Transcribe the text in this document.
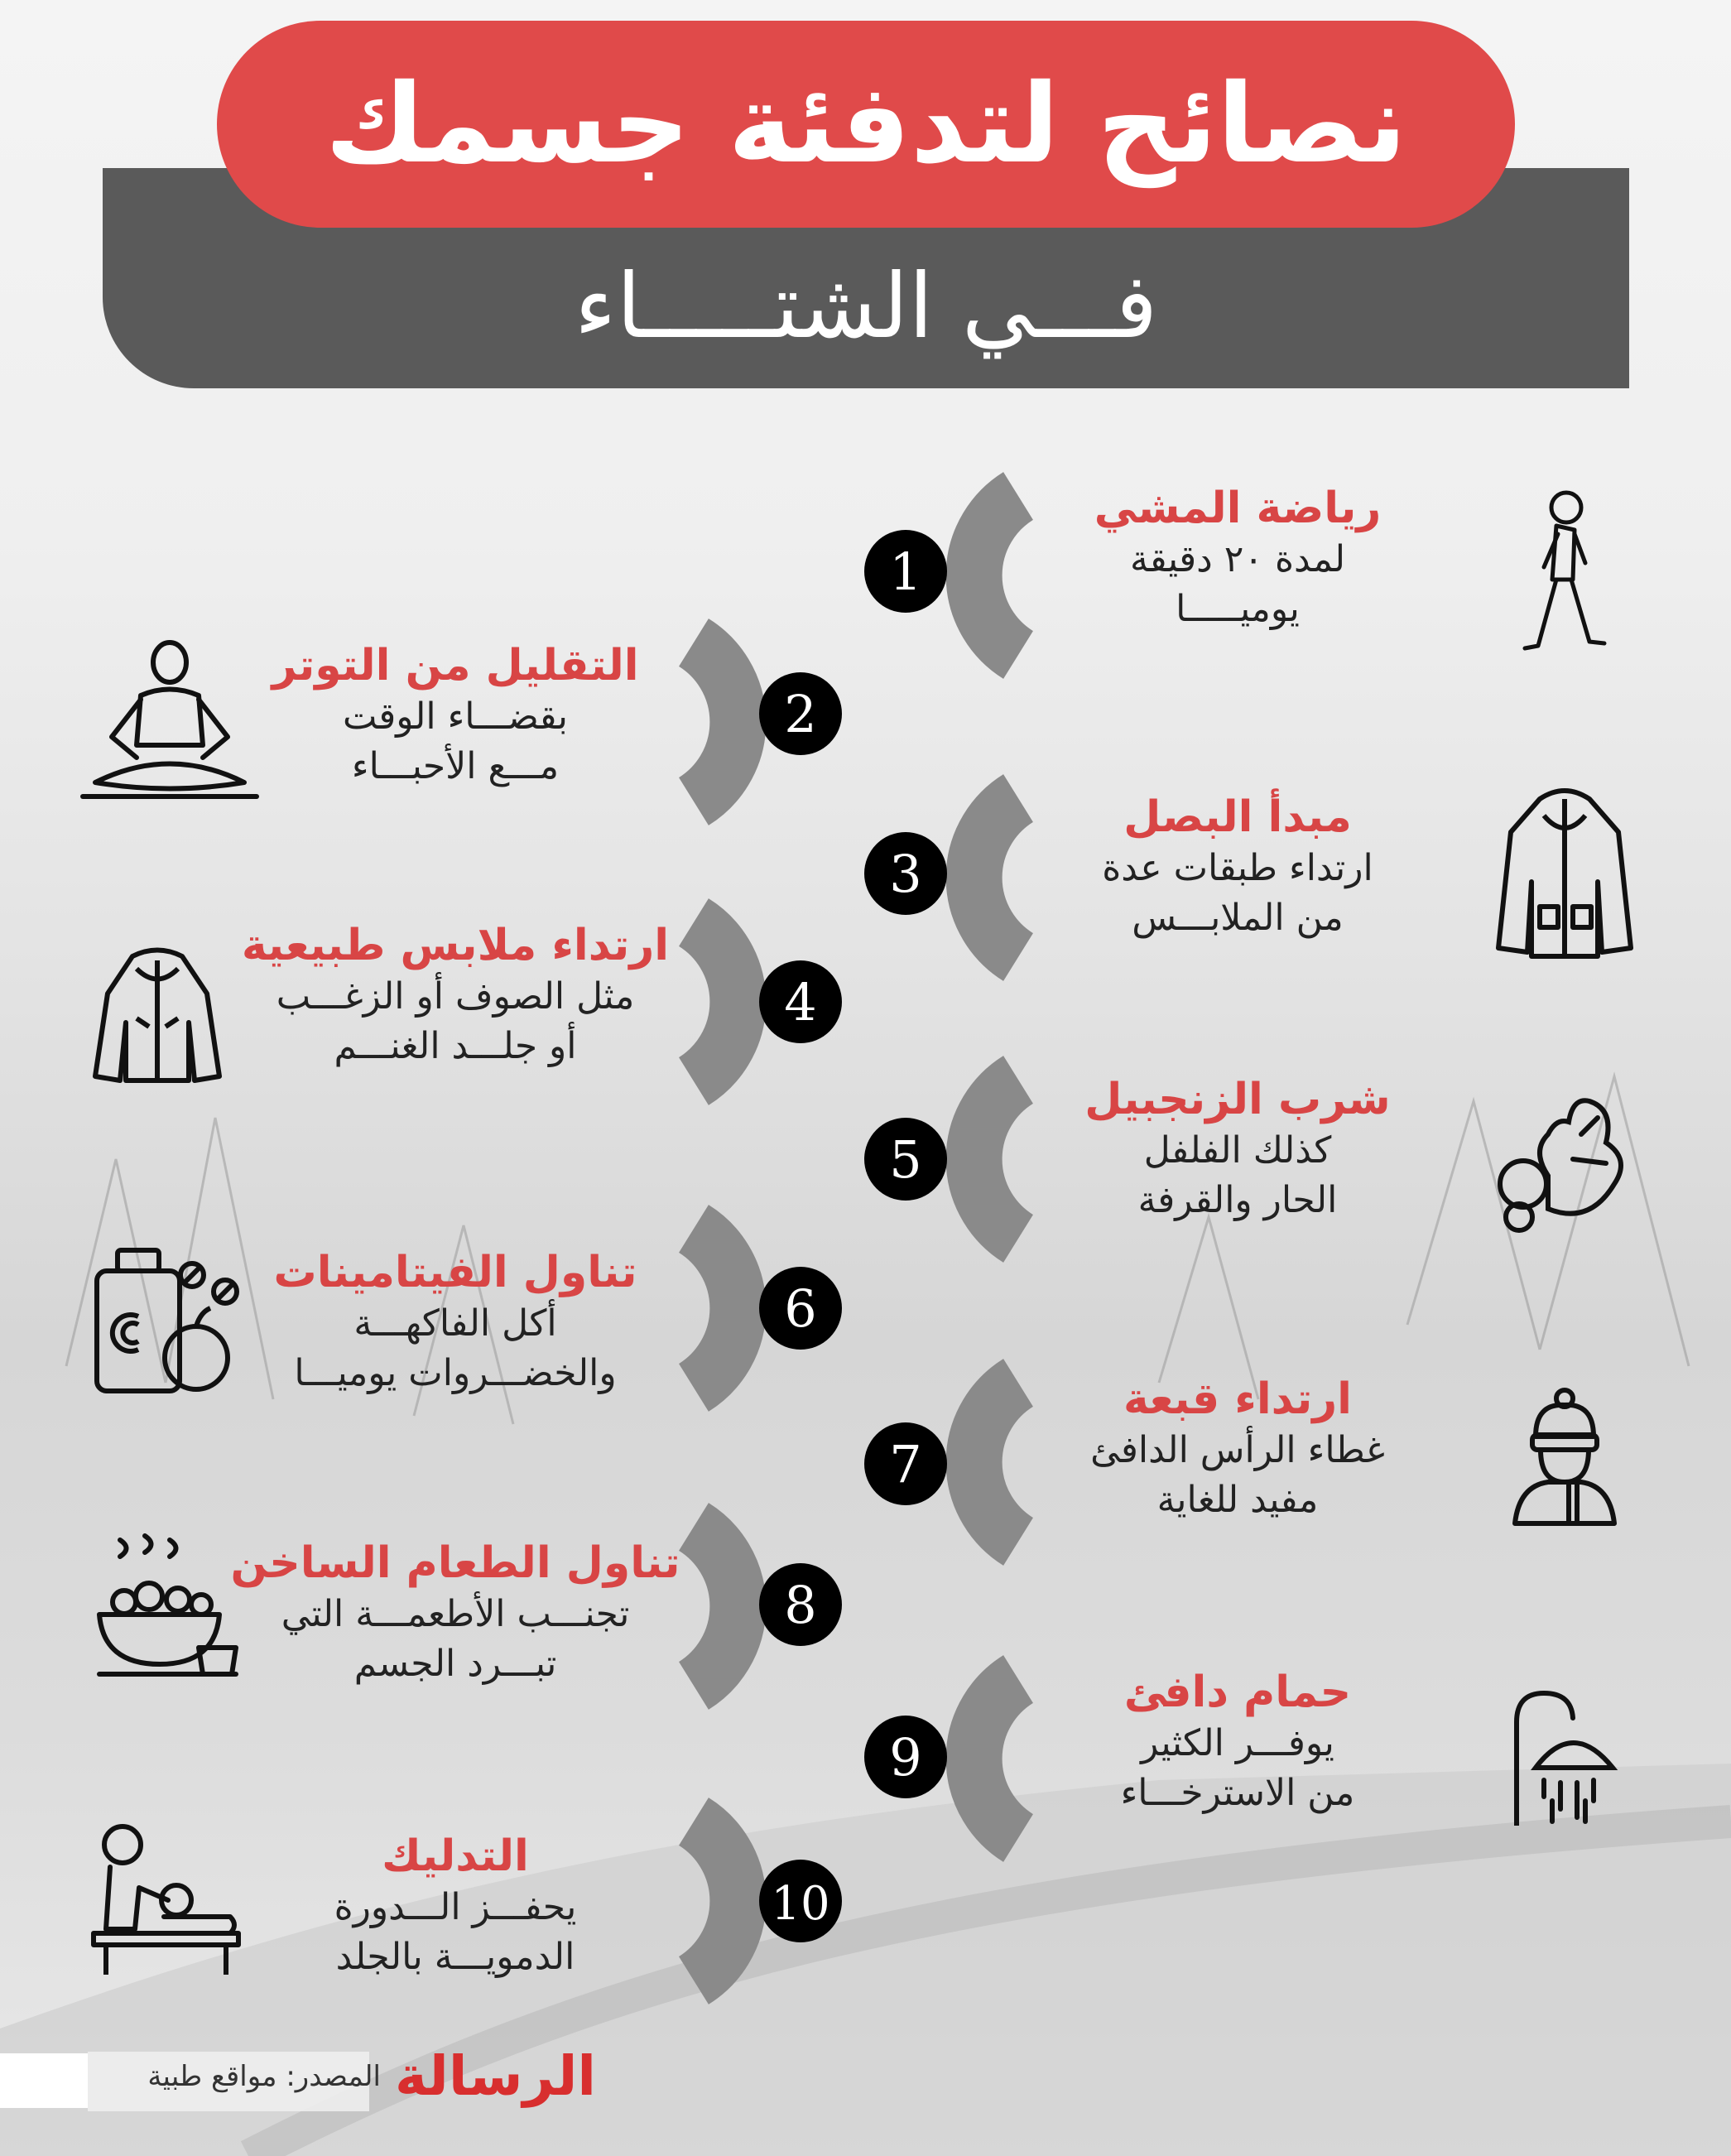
نصائح لتدفئة جسمك
فـــي الشتـــــاء
1
2
3
4
5
6
7
8
9
10
رياضة المشي
لمدة ٢٠ دقيقة
يوميـــــا
مبدأ البصل
ارتداء طبقات عدة
من الملابـــس
شرب الزنجبيل
كذلك الفلفل
الحار والقرفة
ارتداء قبعة
غطاء الرأس الدافئ
مفيد للغاية
حمام دافئ
يوفـــر الكثير
من الاسترخـــاء
التقليل من التوتر
بقضـــاء الوقت
مـــع الأحبـــاء
ارتداء ملابس طبيعية
مثل الصوف أو الزغـــب
أو جلـــد الغنـــم
تناول الفيتامينات
أكل الفاكهـــة
والخضـــروات يوميـــا
تناول الطعام الساخن
تجنـــب الأطعمـــة التي
تبـــرد الجسم
التدليك
يحفـــز الـــدورة
الدمويـــة بالجلد
المصدر: مواقع طبية الرسالة
